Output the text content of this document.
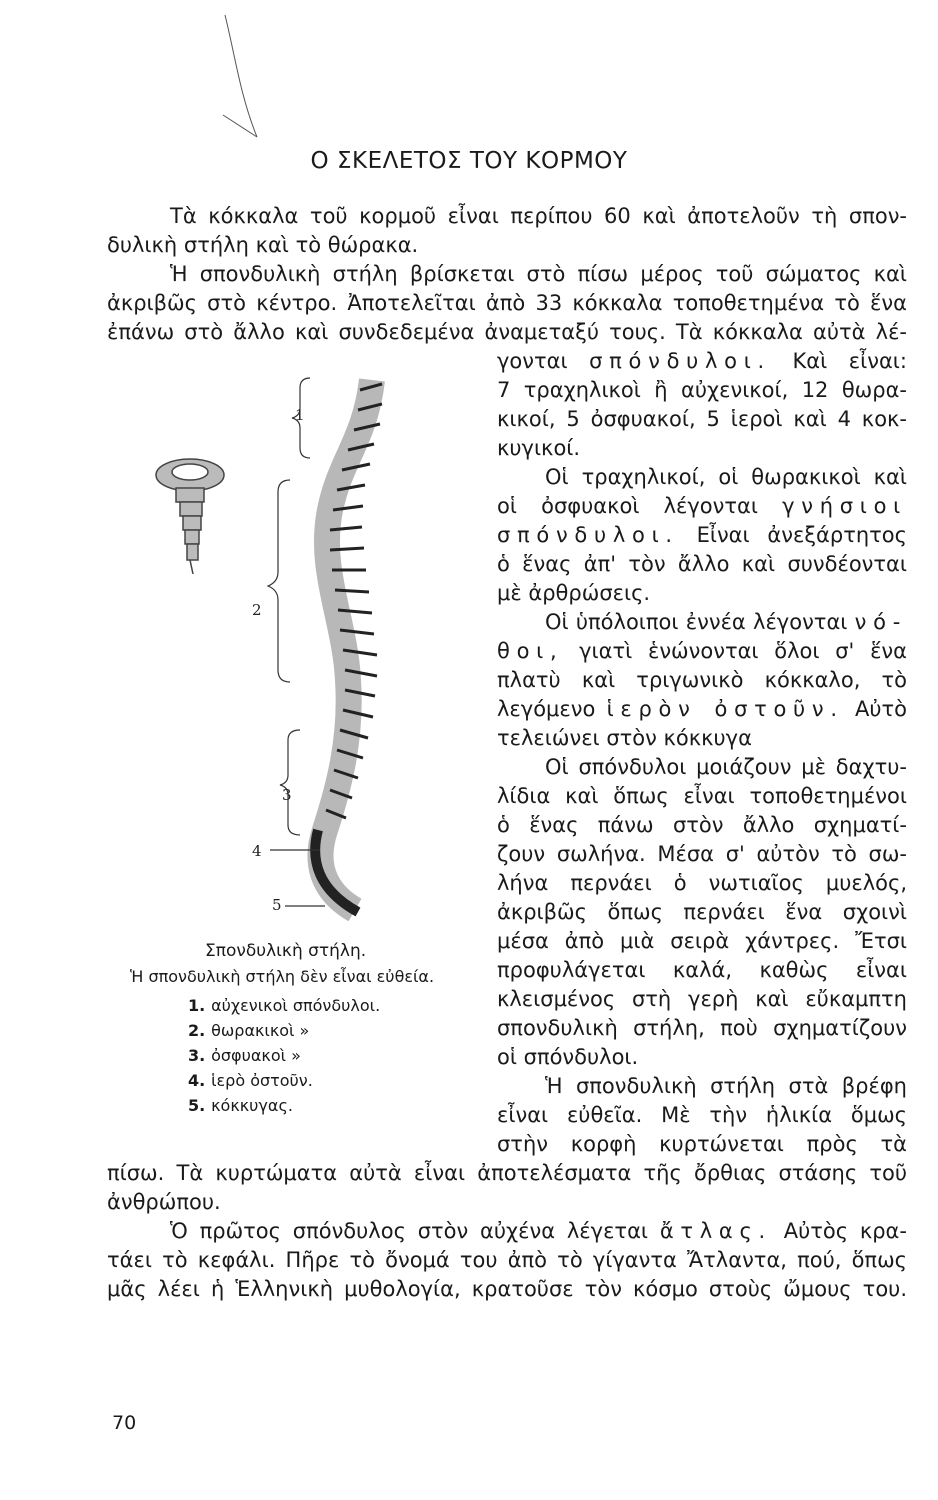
Ο ΣΚΕΛΕΤΟΣ ΤΟΥ ΚΟΡΜΟΥ
Τὰ κόκκαλα τοῦ κορμοῦ εἶναι περίπου 60 καὶ ἀποτελοῦν τὴ σπον-
δυλικὴ στήλη καὶ τὸ θώρακα.
Ἡ σπονδυλικὴ στήλη βρίσκεται στὸ πίσω μέρος τοῦ σώματος καὶ
ἀκριβῶς στὸ κέντρο. Ἀποτελεῖται ἀπὸ 33 κόκκαλα τοποθετημένα τὸ ἕνα
ἐπάνω στὸ ἄλλο καὶ συνδεδεμένα ἀναμεταξύ τους. Τὰ κόκκαλα αὐτὰ λέ-
γονται σπόνδυλοι. Καὶ εἶναι:
7 τραχηλικοὶ ἢ αὐχενικοί, 12 θωρα-
κικοί, 5 ὀσφυακοί, 5 ἱεροὶ καὶ 4 κοκ-
κυγικοί.
Οἱ τραχηλικοί, οἱ θωρακικοὶ καὶ
οἱ ὀσφυακοὶ λέγονται γνήσιοι
σπόνδυλοι. Εἶναι ἀνεξάρτητος
ὁ ἕνας ἀπ' τὸν ἄλλο καὶ συνδέονται
μὲ ἀρθρώσεις.
Οἱ ὑπόλοιποι ἐννέα λέγονται νό-
θοι, γιατὶ ἑνώνονται ὅλοι σ' ἕνα
πλατὺ καὶ τριγωνικὸ κόκκαλο, τὸ
λεγόμενο ἱερὸν ὀστοῦν. Αὐτὸ
τελειώνει στὸν κόκκυγα
Οἱ σπόνδυλοι μοιάζουν μὲ δαχτυ-
λίδια καὶ ὅπως εἶναι τοποθετημένοι
ὁ ἕνας πάνω στὸν ἄλλο σχηματί-
ζουν σωλήνα. Μέσα σ' αὐτὸν τὸ σω-
λήνα περνάει ὁ νωτιαῖος μυελός,
ἀκριβῶς ὅπως περνάει ἕνα σχοινὶ
μέσα ἀπὸ μιὰ σειρὰ χάντρες. Ἔτσι
προφυλάγεται καλά, καθὼς εἶναι
κλεισμένος στὴ γερὴ καὶ εὔκαμπτη
σπονδυλικὴ στήλη, ποὺ σχηματίζουν
οἱ σπόνδυλοι.
Ἡ σπονδυλικὴ στήλη στὰ βρέφη
εἶναι εὐθεῖα. Μὲ τὴν ἡλικία ὅμως
στὴν κορφὴ κυρτώνεται πρὸς τὰ
πίσω. Τὰ κυρτώματα αὐτὰ εἶναι ἀποτελέσματα τῆς ὄρθιας στάσης τοῦ
ἀνθρώπου.
Ὁ πρῶτος σπόνδυλος στὸν αὐχένα λέγεται ἄτλας. Αὐτὸς κρα-
τάει τὸ κεφάλι. Πῆρε τὸ ὄνομά του ἀπὸ τὸ γίγαντα Ἄτλαντα, πού, ὅπως
μᾶς λέει ἡ Ἑλληνικὴ μυθολογία, κρατοῦσε τὸν κόσμο στοὺς ὤμους του.
1
2
3
4
5
Σπονδυλικὴ στήλη.
Ἡ σπονδυλικὴ στήλη δὲν εἶναι εὐθεία.
1. αὐχενικοὶ σπόνδυλοι.
2. θωρακικοὶ »
3. ὀσφυακοὶ »
4. ἱερὸ ὀστοῦν.
5. κόκκυγας.
70
